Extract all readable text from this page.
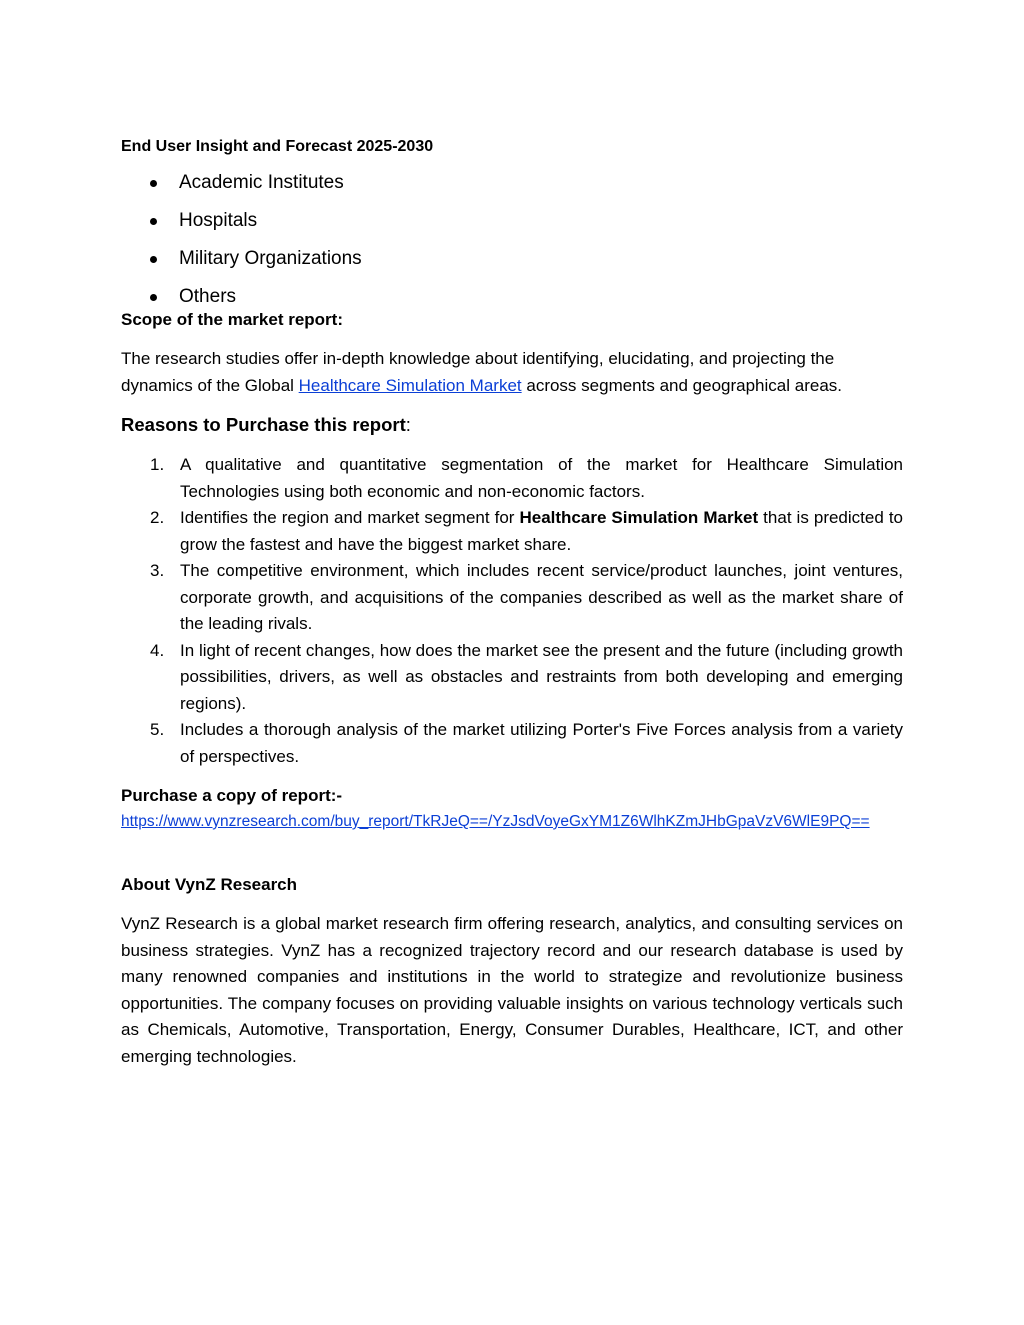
End User Insight and Forecast 2025-2030
Academic Institutes
Hospitals
Military Organizations
Others
Scope of the market report:

The research studies offer in-depth knowledge about identifying, elucidating, and projecting the dynamics of the Global Healthcare Simulation Market across segments and geographical areas.

Reasons to Purchase this report:
1. A qualitative and quantitative segmentation of the market for Healthcare Simulation Technologies using both economic and non-economic factors.
2. Identifies the region and market segment for Healthcare Simulation Market that is predicted to grow the fastest and have the biggest market share.
3. The competitive environment, which includes recent service/product launches, joint ventures, corporate growth, and acquisitions of the companies described as well as the market share of the leading rivals.
4. In light of recent changes, how does the market see the present and the future (including growth possibilities, drivers, as well as obstacles and restraints from both developing and emerging regions).
5. Includes a thorough analysis of the market utilizing Porter's Five Forces analysis from a variety of perspectives.
Purchase a copy of report:-
https://www.vynzresearch.com/buy_report/TkRJeQ==/YzJsdVoyeGxYM1Z6WlhKZmJHbGpaVzV6WlE9PQ==
About VynZ Research

VynZ Research is a global market research firm offering research, analytics, and consulting services on business strategies. VynZ has a recognized trajectory record and our research database is used by many renowned companies and institutions in the world to strategize and revolutionize business opportunities. The company focuses on providing valuable insights on various technology verticals such as Chemicals, Automotive, Transportation, Energy, Consumer Durables, Healthcare, ICT, and other emerging technologies.
